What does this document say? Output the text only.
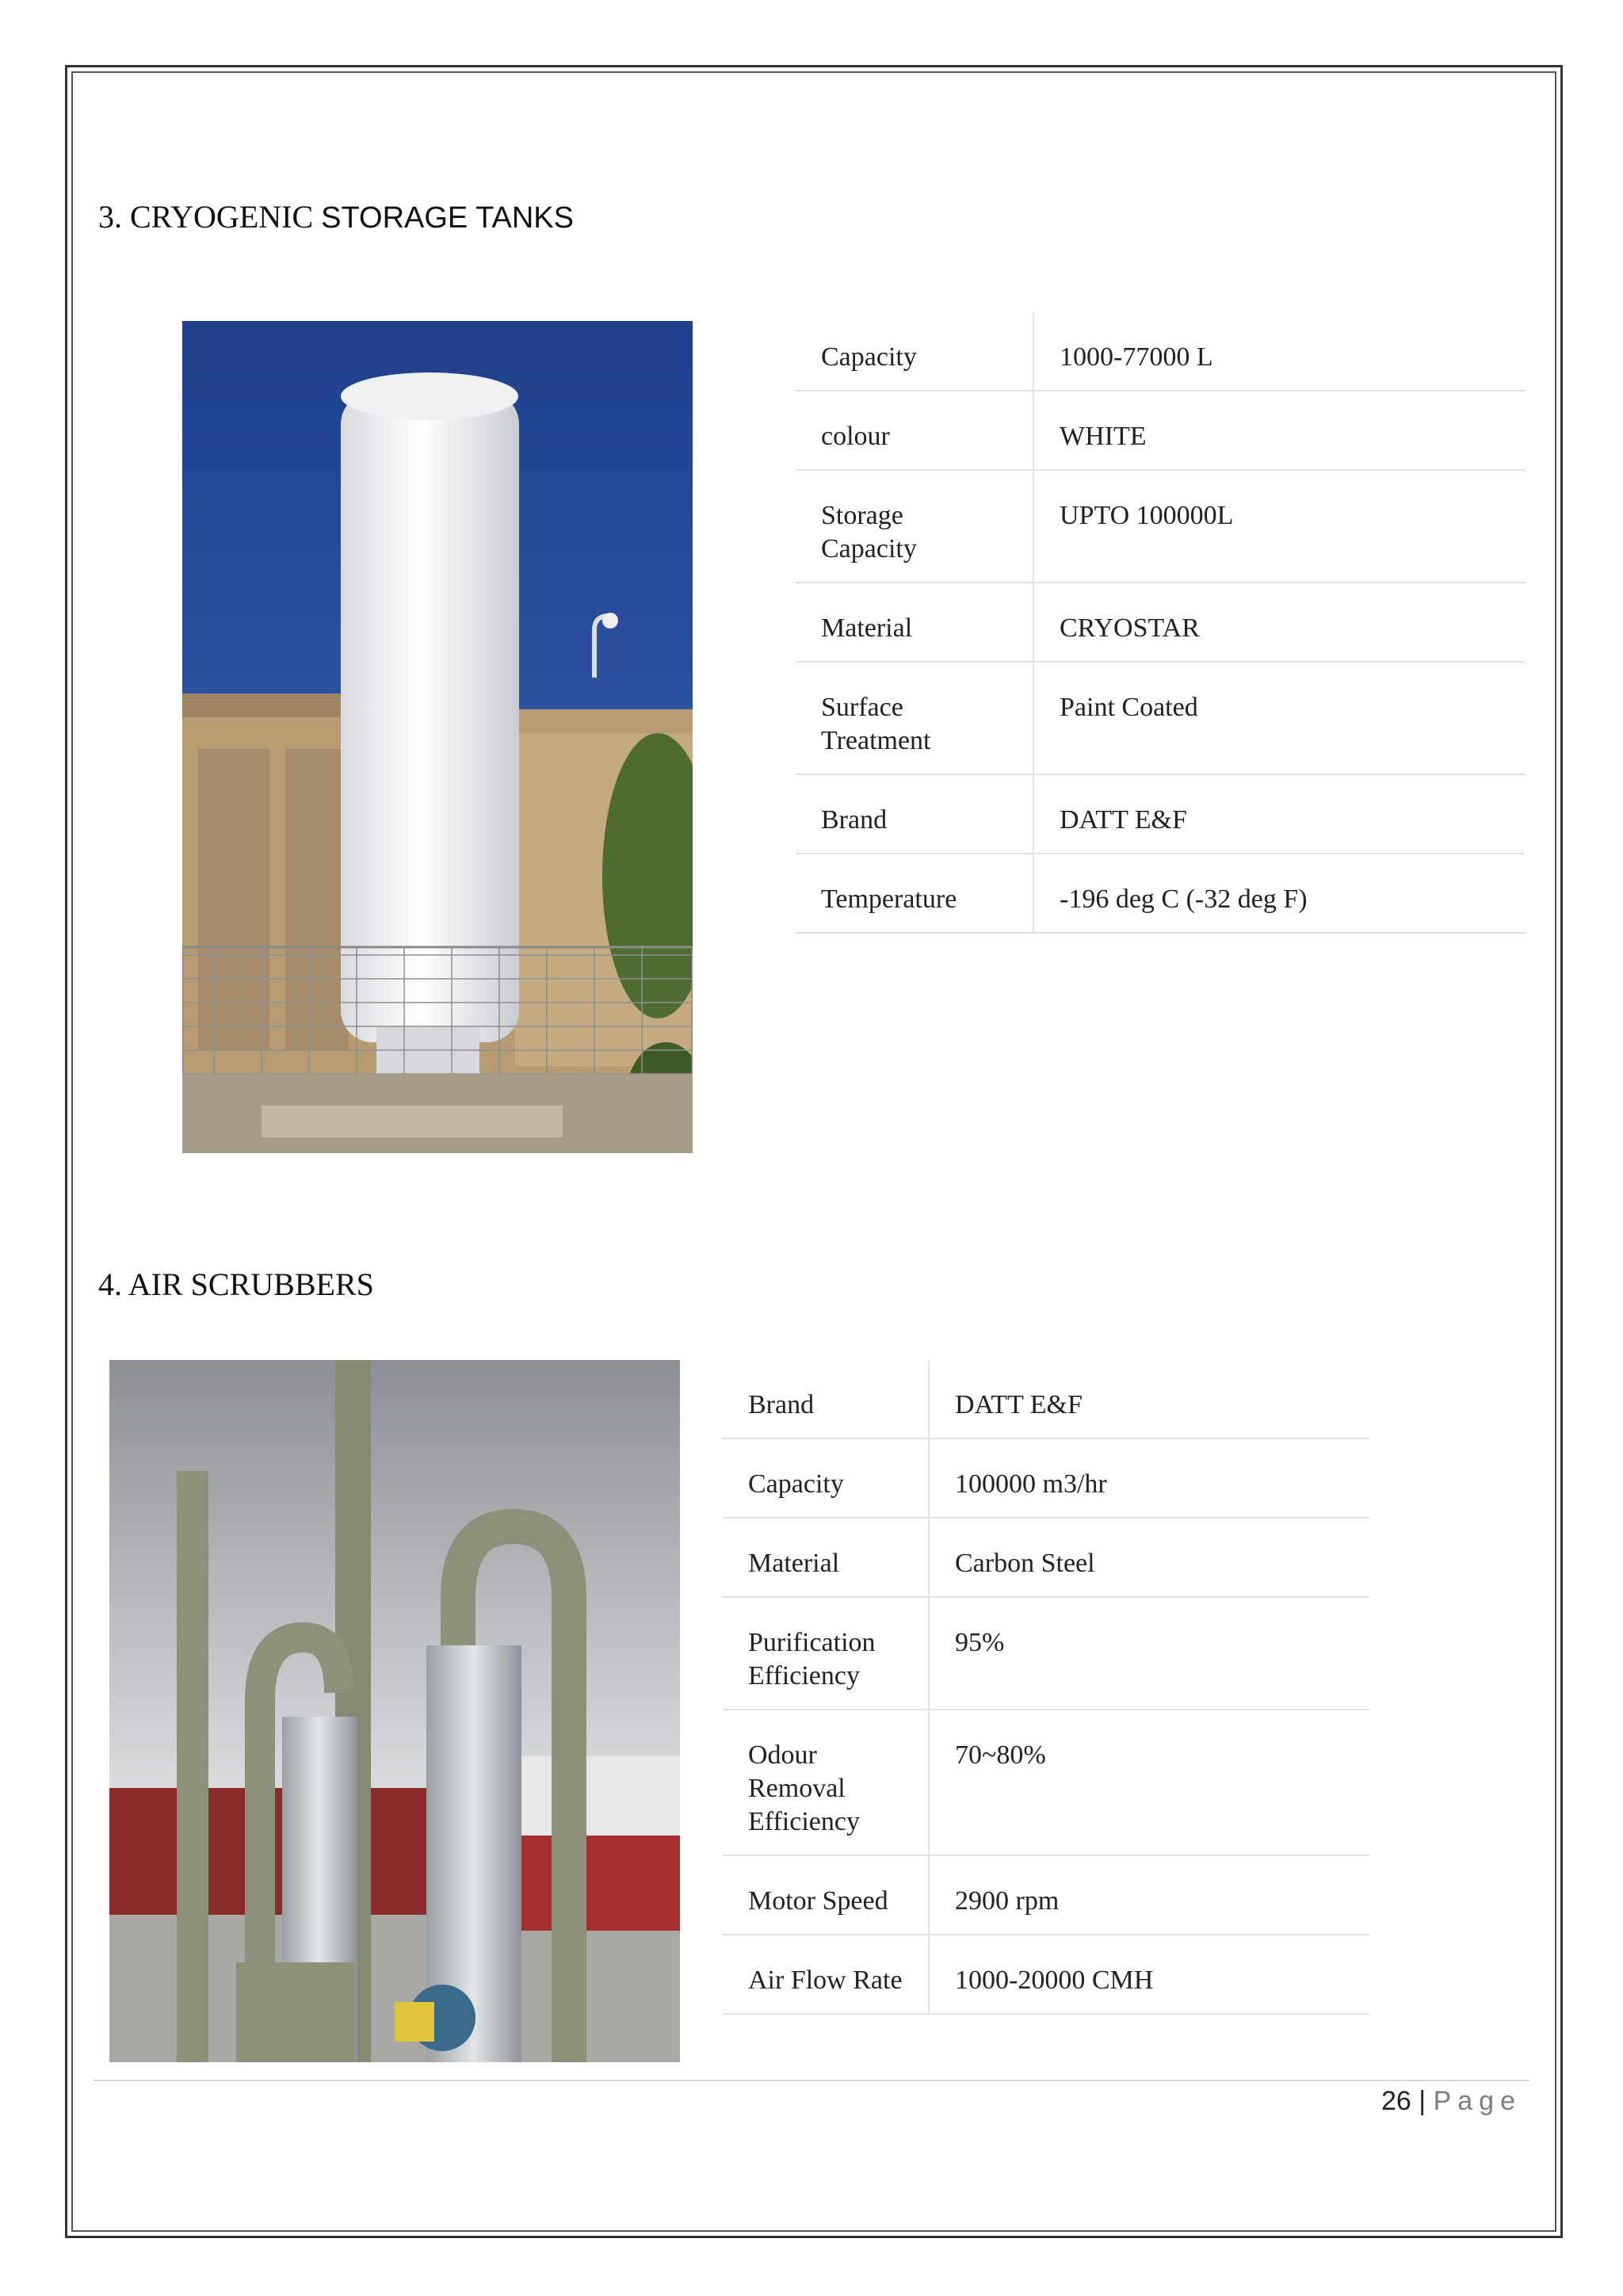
3. CRYOGENIC STORAGE TANKS
Capacity	1000-77000 L
colour	WHITE
Storage Capacity	UPTO 100000L
Material	CRYOSTAR
Surface Treatment	Paint Coated
Brand	DATT E&F
Temperature	-196 deg C (-32 deg F)
4. AIR SCRUBBERS
Brand	DATT E&F
Capacity	100000 m3/hr
Material	Carbon Steel
Purification Efficiency	95%
Odour Removal Efficiency	70~80%
Motor Speed	2900 rpm
Air Flow Rate	1000-20000 CMH
26 | Page
